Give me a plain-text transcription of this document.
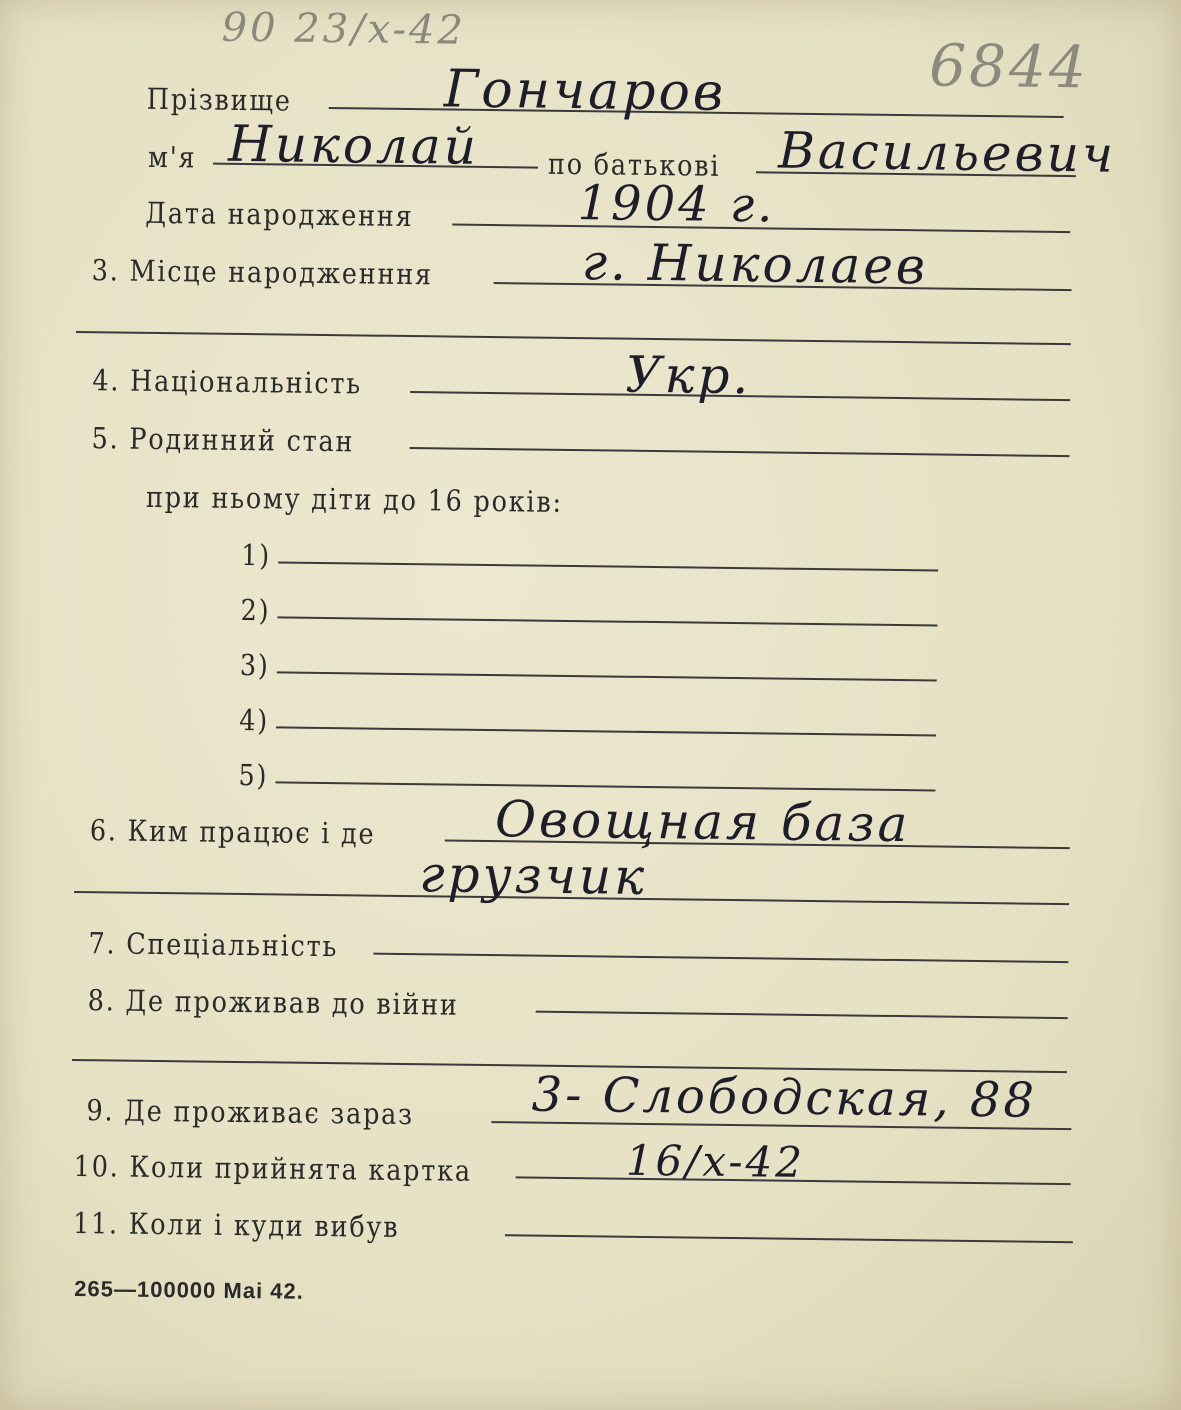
90 23/x-42
6844
Прізвище	Гончаров
м'я Николай по батькові Васильевич
Дата народження	1904 г.
3. Місце народженння	г. Николаев
4. Національність	Укр.
5. Родинний стан
при ньому діти до 16 років:
1)
2)
3)
4)
5)
6. Ким працює і де Овощная база
грузчик
7. Спеціальність
8. Де проживав до війни
9. Де проживає зараз 3- Слободская, 88
10. Коли прийнята картка	16/x-42
11. Коли і куди вибув
265—100000 Mai 42.
